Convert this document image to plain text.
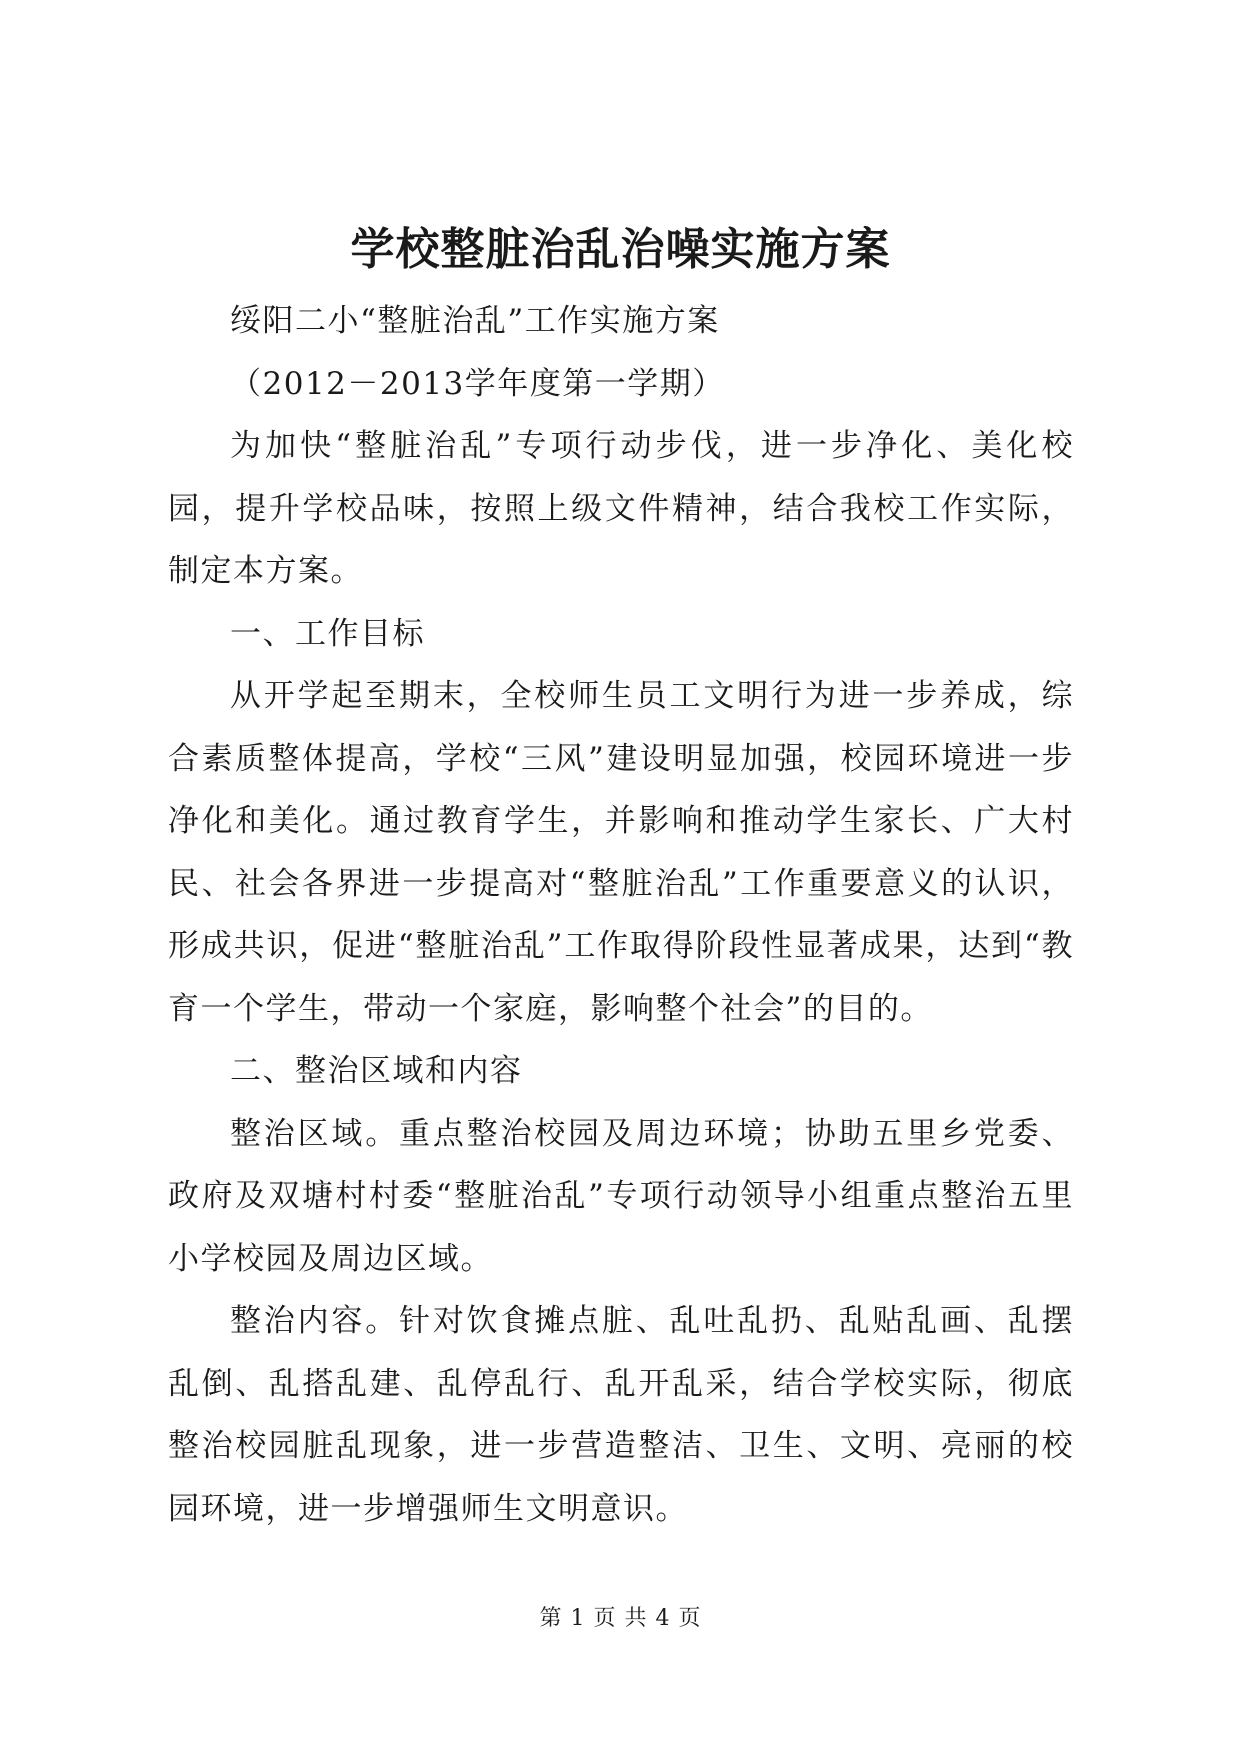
学校整脏治乱治噪实施方案

绥阳二小“整脏治乱”工作实施方案

（2012－2013学年度第一学期）

为加快“整脏治乱”专项行动步伐，进一步净化、美化校园，提升学校品味，按照上级文件精神，结合我校工作实际，制定本方案。

一、工作目标

从开学起至期末，全校师生员工文明行为进一步养成，综合素质整体提高，学校“三风”建设明显加强，校园环境进一步净化和美化。通过教育学生，并影响和推动学生家长、广大村民、社会各界进一步提高对“整脏治乱”工作重要意义的认识，形成共识，促进“整脏治乱”工作取得阶段性显著成果，达到“教育一个学生，带动一个家庭，影响整个社会”的目的。

二、整治区域和内容

整治区域。重点整治校园及周边环境；协助五里乡党委、政府及双塘村村委“整脏治乱”专项行动领导小组重点整治五里小学校园及周边区域。

整治内容。针对饮食摊点脏、乱吐乱扔、乱贴乱画、乱摆乱倒、乱搭乱建、乱停乱行、乱开乱采，结合学校实际，彻底整治校园脏乱现象，进一步营造整洁、卫生、文明、亮丽的校园环境，进一步增强师生文明意识。

第 1 页 共 4 页
